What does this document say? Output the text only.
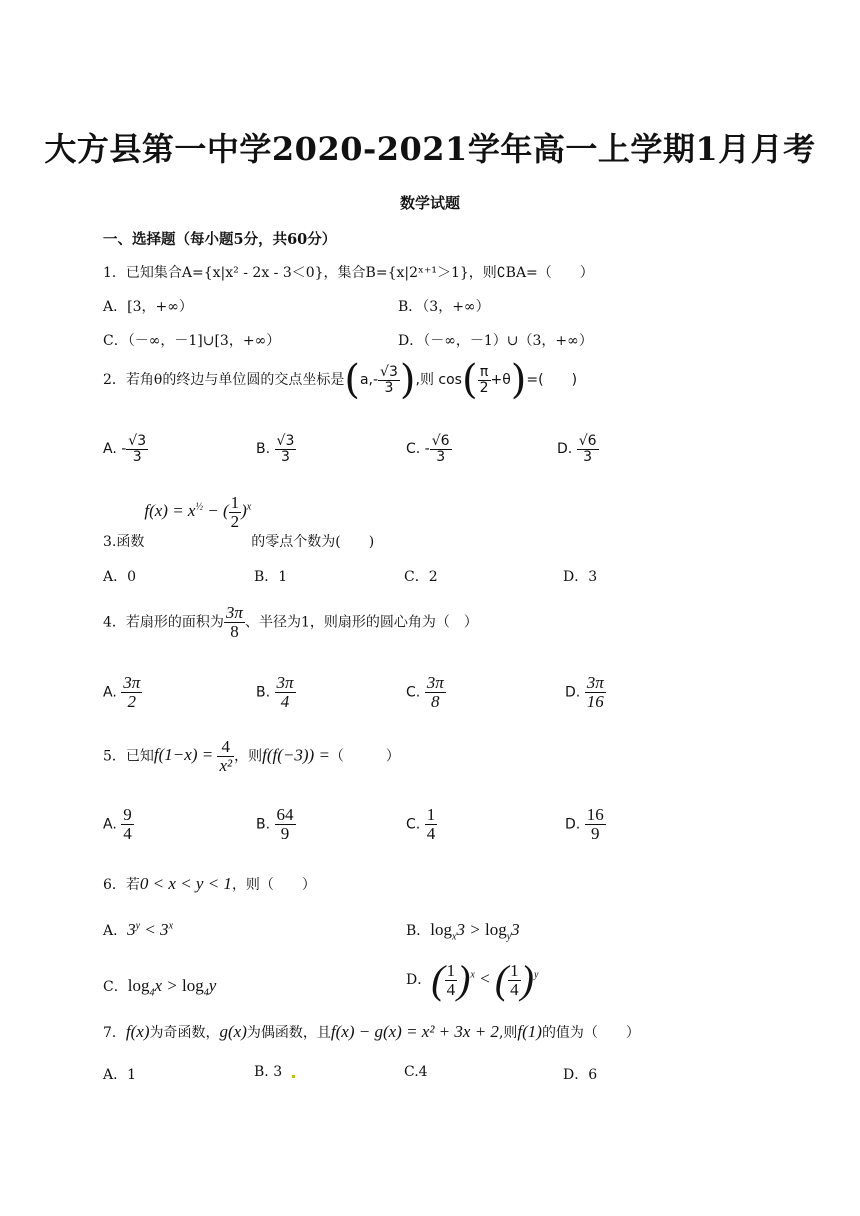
大方县第一中学2020-2021学年高一上学期1月月考
数学试题
一、选择题（每小题5分，共60分）
1．已知集合A={x|x² ‑ 2x ‑ 3＜0}，集合B={x|2ˣ⁺¹＞1}，则∁BA=（　　）
A．[3，+∞）	B．（3，+∞）
C．（－∞，－1]∪[3，+∞）	D．（－∞，－1）∪（3，+∞）
2．若角θ的终边与单位圆的交点坐标是($a,- \frac{√3}{3}$ ),则 $\cos( \frac{\pi}{2} +\theta)=$(　　)
A. - $\frac{√3}{3}$	B. $\frac{√3}{3}$	C. - $\frac{√6}{3}$	D. $\frac{√6}{3}$
3.函数$f(x) = x^{\frac{1}{2}}$ − ( $\frac{1}{2} )^x$的零点个数为(　　)
A．0	B．1	C．2	D．3
4．若扇形的面积为 $\frac{3\pi}{8}$ 、半径为1，则扇形的圆心角为（　）
A. $\frac{3\pi}{2}$	B. $\frac{3\pi}{4}$	C. $\frac{3\pi}{8}$	D. $\frac{3\pi}{16}$
5．已知$f(1-x) = \frac{4}{\text{x²}}$ ，则f(f(−3)) =（　　　）
A. $\frac{9}{4}$	B. $\frac{64}{9}$	C. $\frac{1}{4}$	D. $\frac{16}{9}$
6．若0 < x < y < 1，则（　　）
A．$3^y < 3^x$	B．$\log_x3 > \log_y3$
C．$\log_4x > \log_4y$	D．( $\frac{1}{4} )^x$ < ( $\frac{1}{4} )^y$
7．f(x)为奇函数，g(x)为偶函数，且f(x) − g(x) = x² + 3x + 2,则f(1)的值为（　　）
A．1	B. 3	C.4	D．6
